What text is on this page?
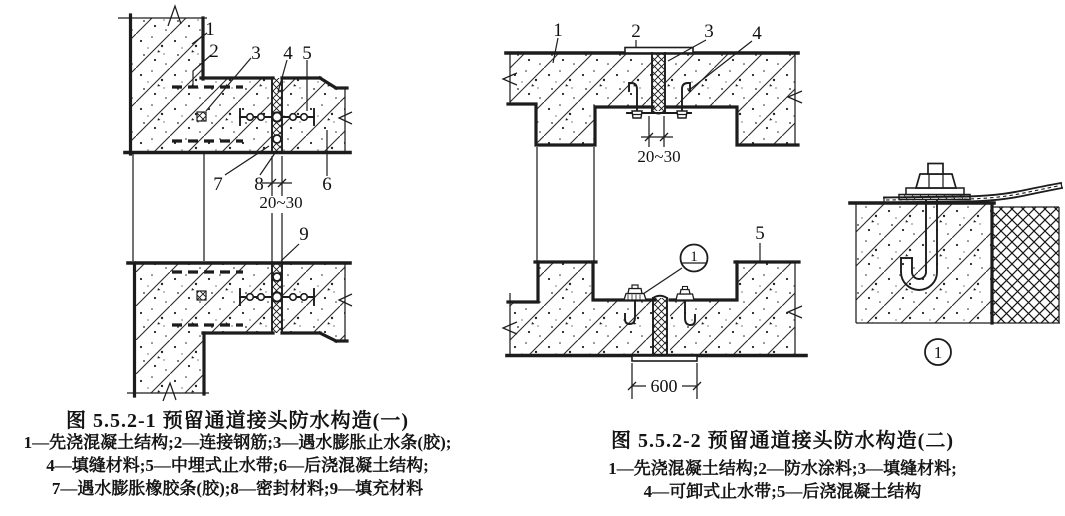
1
2 3 4 5
7 8	6
20~30
9
1	2	3 4
20~30
1
5
600
1
图 5.5.2-1 预留通道接头防水构造(一)
1—先浇混凝土结构;2—连接钢筋;3—遇水膨胀止水条(胶);
4—填缝材料;5—中埋式止水带;6—后浇混凝土结构;
7—遇水膨胀橡胶条(胶);8—密封材料;9—填充材料
图 5.5.2-2 预留通道接头防水构造(二)
1—先浇混凝土结构;2—防水涂料;3—填缝材料;
4—可卸式止水带;5—后浇混凝土结构
